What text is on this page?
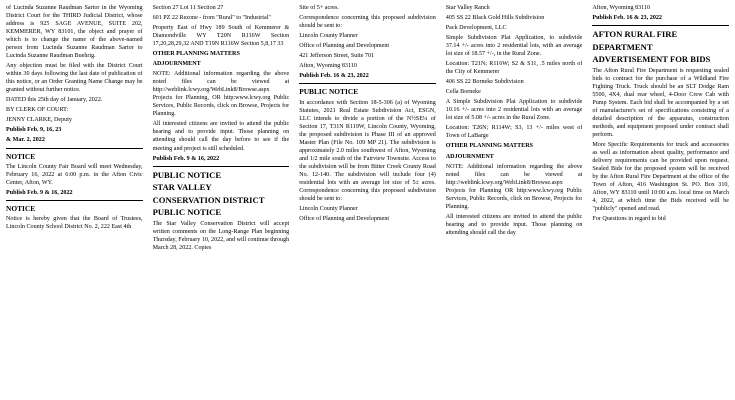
of Lucinda Suzanne Raudman Sartor in the Wyoming District Court for the THIRD Judicial District, whose address is 925 SAGE AVENUE, SUITE 202, KEMMERER, WY 83101, the object and prayer of which is to change the name of the above-named person from Lucinda Suzanne Raudman Sartor to Lucinda Suzanne Raudman Buehrig.

Any objection must be filed with the District Court within 30 days following the last date of publication of this notice, or an Order Granting Name Change may be granted without further notice.

DATED this 25th day of January, 2022.

BY CLERK OF COURT:

JENNY CLARKE, Deputy

Publish Feb. 9, 16, 23

& Mar. 2, 2022

NOTICE

The Lincoln County Fair Board will meet Wednesday, February 16, 2022 at 6:00 p.m. in the Afton Civic Center, Afton, WY.

Publish Feb. 9 & 16, 2022

NOTICE

Notice is hereby given that the Board of Trustees, Lincoln County School District No. 2, 222 East 4th

Section 27 Lot 11 Section 27

601 PZ 22 Rezone - from "Rural" to "Industrial"

Property East of Hwy 189 South of Kemmerer & Diamondville WY T20N R116W Section 17,20,28,29,32 AND T19N R116W Section 5,8,17 33

OTHER PLANNING MATTERS

ADJOURNMENT

NOTE: Additional information regarding the above noted files can be viewed at http://weblink.lcwy.org/WebLink8/Browse.aspx Projects for Planning, OR http:www.lcwy.org Public Services, Public Records, click on Browse, Projects for Planning.

All interested citizens are invited to attend the public hearing and to provide input. Those planning on attending should call the day before to see if the meeting and project is still scheduled.

Publish Feb. 9 & 16, 2022

PUBLIC NOTICE

STAR VALLEY

CONSERVATION DISTRICT

PUBLIC NOTICE

The Star Valley Conservation District will accept written comments on the Long-Range Plan beginning Thursday, February 10, 2022, and will continue through March 28, 2022. Copies

Site of 5+ acres.

Correspondence concerning this proposed subdivision should be sent to:

Lincoln County Planner

Office of Planning and Development

421 Jefferson Street, Suite 701

Afton, Wyoming 83110

Publish Feb. 16 & 23, 2022

PUBLIC NOTICE

In accordance with Section 18-5-306 (a) of Wyoming Statutes, 2021 Real Estate Subdivision Act, ESGN, LLC intends to divide a portion of the N½SE¼ of Section 17, T31N R119W, Lincoln County, Wyoming, the proposed subdivision is Phase III of an approved Master Plan (File No. 109 MP 21). The subdivision is approximately 2.0 miles southwest of Afton, Wyoming and 1/2 mile south of the Fairview Townsite. Access to the subdivision will be from Bitter Creek County Road No. 12-140. The subdivision will include four (4) residential lots with an average lot size of 5± acres. Correspondence concerning this proposed subdivision should be sent to:

Lincoln County Planner

Office of Planning and Development

Star Valley Ranch

405 SS 22 Black Gold Hills Subdivision

Pack Development, LLC

Simple Subdivision Plat Application, to subdivide 37.14 +/- acres into 2 residential lots, with an average lot size of 18.57 +/-, in the Rural Zone.

Location: T21N; R116W; S2 & S11, .5 miles north of the City of Kemmerer

406 SS 22 Borneke Subdivision

Cella Borneke

A Simple Subdivision Plat Application to subdivide 10.16 +/- acres into 2 residential lots with an average lot size of 5.08 +/- acres in the Rural Zone.

Location: T26N; R114W; S3, 13 +/- miles west of Town of LaBarge

OTHER PLANNING MATTERS

ADJOURNMENT

NOTE: Additional information regarding the above noted files can be viewed at http://weblink.lcwy.org/WebLink8/Browse.aspx Projects for Planning OR http:www.lcwy.org Public Services, Public Records, click on Browse, Projects for Planning.

All interested citizens are invited to attend the public hearing and to provide input. Those planning on attending should call the day

Afton, Wyoming 83110

Publish Feb. 16 & 23, 2022

AFTON RURAL FIRE

DEPARTMENT

ADVERTISEMENT FOR BIDS

The Afton Rural Fire Department is requesting sealed bids to contract for the purchase of a Wildland Fire Fighting Truck. Truck should be an SLT Dodge Ram 5500, 4X4, dual rear wheel, 4-Door Crew Cab with Pump System. Each bid shall be accompanied by a set of manufacturer's set of specifications consisting of a detailed description of the apparatus, construction methods, and equipment proposed under contract shall perform.

More Specific Requirements for truck and accessories as well as information about quality, performance and delivery requirements can be provided upon request. Sealed Bids for the proposed system will be received by the Afton Rural Fire Department at the office of the Town of Afton, 416 Washington St. PO. Box 310, Afton, WY 83110 until 10:00 a.m. local time on March 4, 2022, at which time the Bids received will be "publicly" opened and read.

For Questions in regard to bid
